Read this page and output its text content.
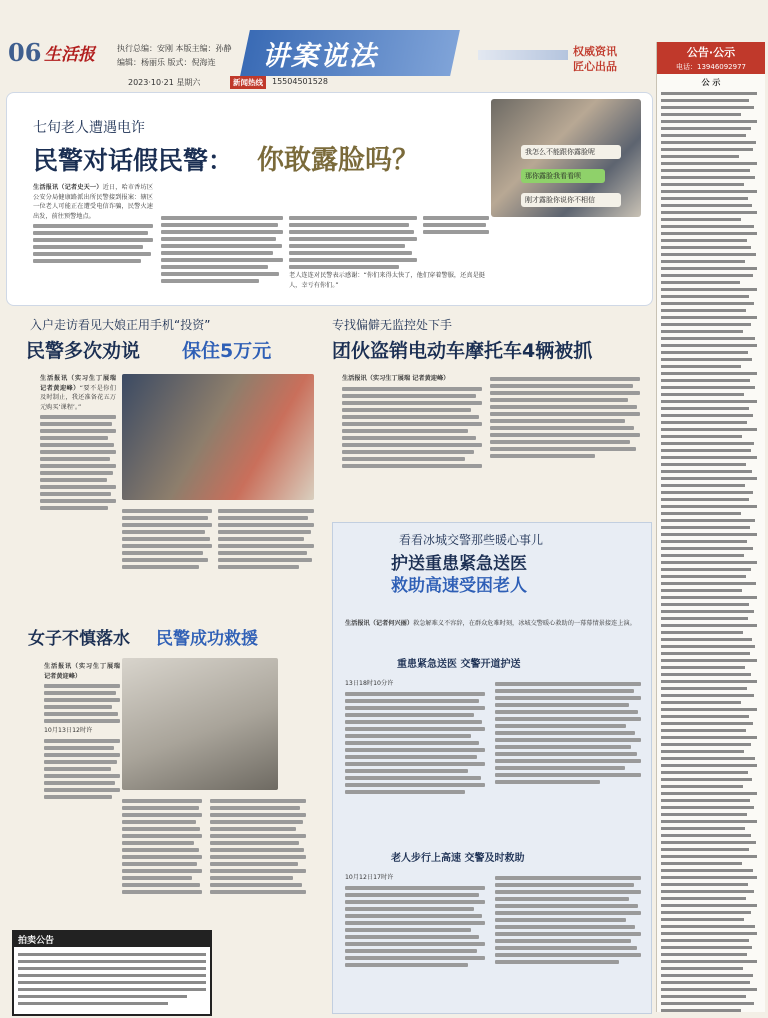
06 生活报	执行总编：安刚 本版主编：孙静
编辑：杨丽乐 版式：倪海连 讲案说法	权威资讯
匠心出品
2023·10·21 星期六	新闻热线	15504501528
公告·公示
电话：13946092977
公 示
七旬老人遭遇电诈
民警对话假民警： 你敢露脸吗？	我怎么不能跟你露脸呢
那你露脸我看看呗
刚才露脸你说你不相信
生活报讯（记者史天一）近日，哈市香坊区公安分局健康路派出所民警接到报案：辖区一位老人可能正在遭受电信诈骗，民警火速出发，前往预警地点。
老人连连对民警表示感谢：“你们来得太快了，他们穿着警服，还真是挺人，幸亏有你们。”
入户走访看见大娘正用手机“投资”
民警多次劝说 保住5万元
生活报讯（实习生丁展瑞 记者黄迎峰）“要不是你们及时制止，我还准备花五万元购买‘课程’。”
专找偏僻无监控处下手
团伙盗销电动车摩托车4辆被抓
生活报讯（实习生丁展瑞 记者黄迎峰）
女子不慎落水 民警成功救援
生活报讯（实习生丁展瑞 记者黄迎峰）
10月13日12时许
拍卖公告
看看冰城交警那些暖心事儿
护送重患紧急送医
救助高速受困老人
生活报讯（记者何兴丽）救急解难义不容辞，在群众危难时刻，冰城交警暖心救助的一幕幕情景接连上演。
重患紧急送医 交警开道护送
13日18时10分许
老人步行上高速 交警及时救助
10月12日17时许
